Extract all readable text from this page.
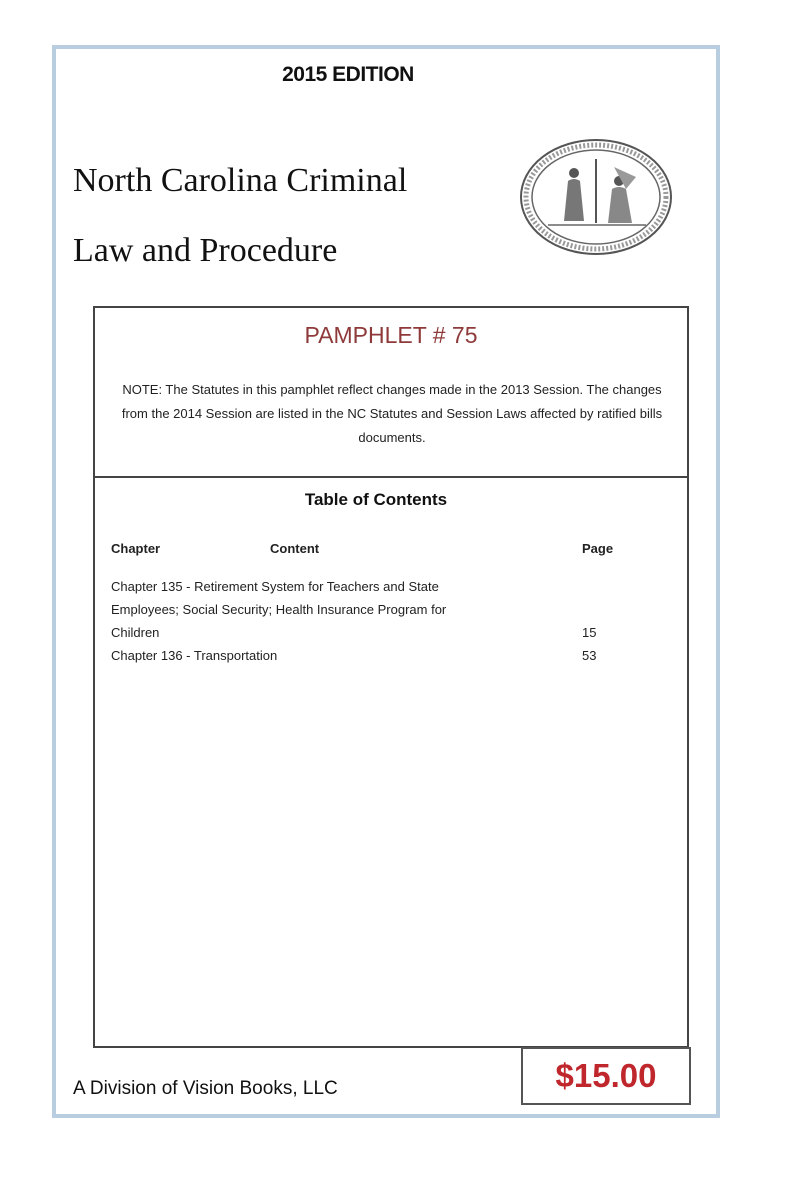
2015 EDITION
North Carolina Criminal
Law and Procedure
PAMPHLET # 75
NOTE: The Statutes in this pamphlet reflect changes made in the 2013 Session. The changes from the 2014 Session are listed in the NC Statutes and Session Laws affected by ratified bills documents.
Table of Contents
Chapter	Content	Page
Chapter 135 - Retirement System for Teachers and State Employees; Social Security; Health Insurance Program for Children	15
Chapter 136 - Transportation	53
$15.00
A Division of Vision Books, LLC
